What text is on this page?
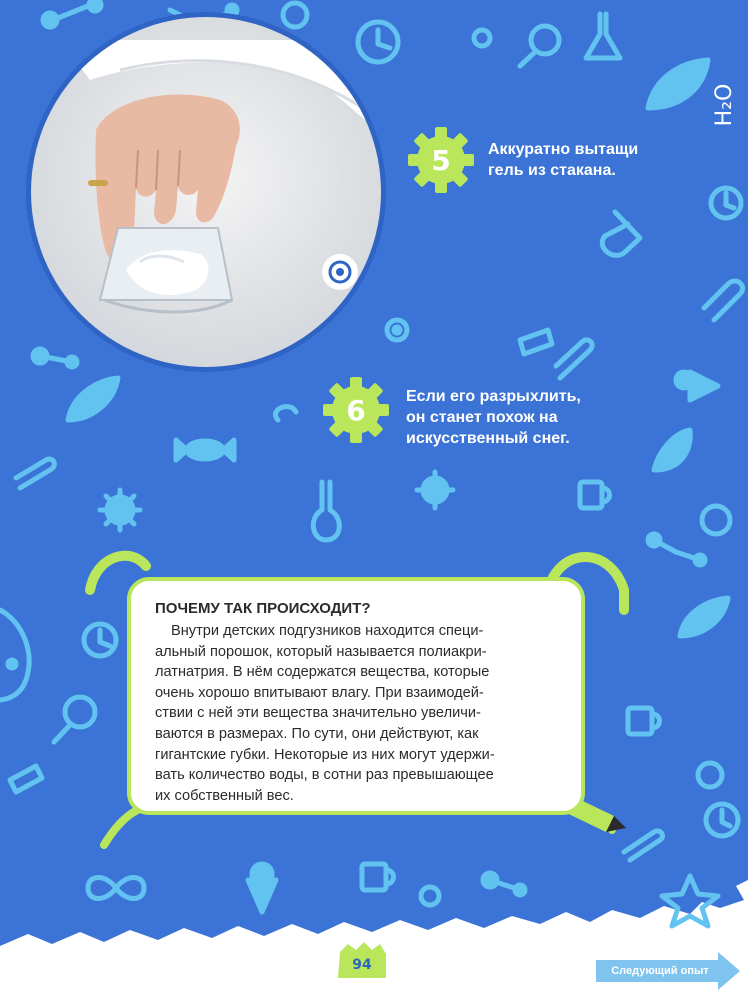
5
6
H₂O
Аккуратно вытащи
гель из стакана.
Если его разрыхлить,
он станет похож на
искусственный снег.

ПОЧЕМУ ТАК ПРОИСХОДИТ?

Внутри детских подгузников находится специ-
альный порошок, который называется полиакри-
латнатрия. В нём содержатся вещества, которые
очень хорошо впитывают влагу. При взаимодей-
ствии с ней эти вещества значительно увеличи-
ваются в размерах. По сути, они действуют, как
гигантские губки. Некоторые из них могут удержи-
вать количество воды, в сотни раз превышающее
их собственный вес.
94	Следующий опыт
